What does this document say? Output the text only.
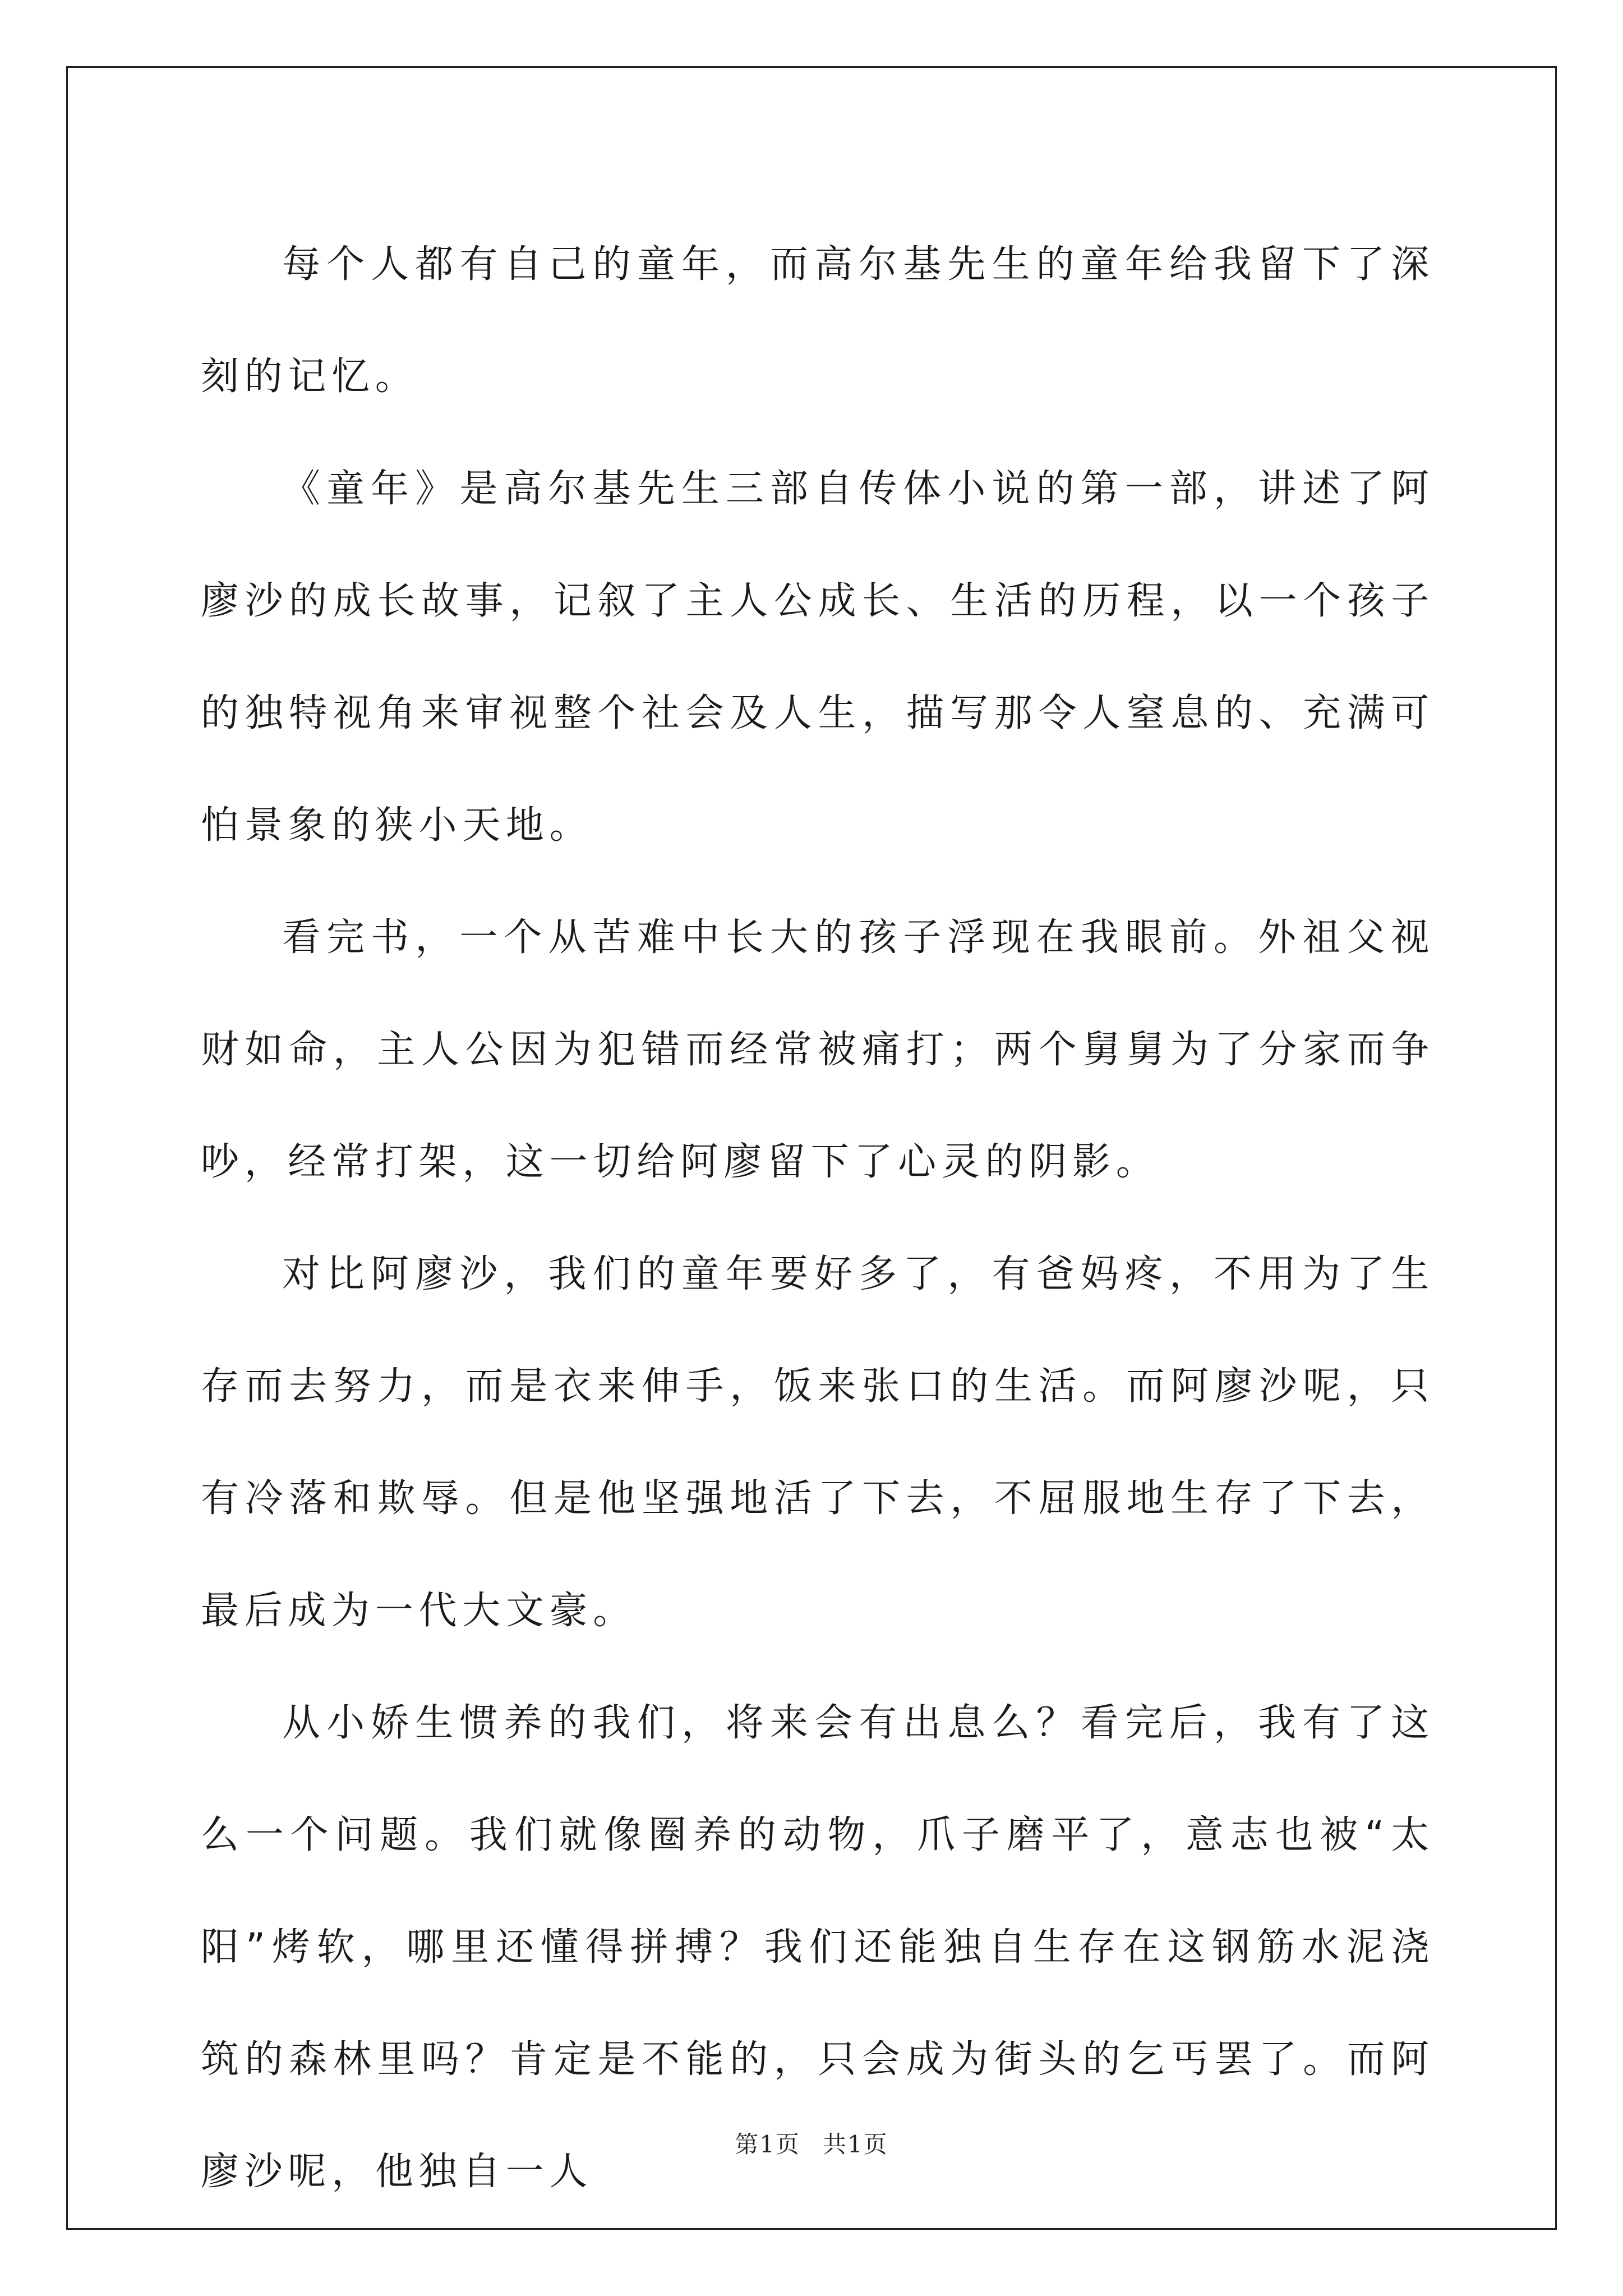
每个人都有自己的童年，而高尔基先生的童年给我留下了深刻的记忆。

《童年》是高尔基先生三部自传体小说的第一部，讲述了阿廖沙的成长故事，记叙了主人公成长、生活的历程，以一个孩子的独特视角来审视整个社会及人生，描写那令人窒息的、充满可怕景象的狭小天地。

看完书，一个从苦难中长大的孩子浮现在我眼前。外祖父视财如命，主人公因为犯错而经常被痛打；两个舅舅为了分家而争吵，经常打架，这一切给阿廖留下了心灵的阴影。

对比阿廖沙，我们的童年要好多了，有爸妈疼，不用为了生存而去努力，而是衣来伸手，饭来张口的生活。而阿廖沙呢，只有冷落和欺辱。但是他坚强地活了下去，不屈服地生存了下去，最后成为一代大文豪。

从小娇生惯养的我们，将来会有出息么？看完后，我有了这么一个问题。我们就像圈养的动物，爪子磨平了，意志也被“太阳”烤软，哪里还懂得拼搏？我们还能独自生存在这钢筋水泥浇筑的森林里吗？肯定是不能的，只会成为街头的乞丐罢了。而阿廖沙呢，他独自一人

第1页 共1页
